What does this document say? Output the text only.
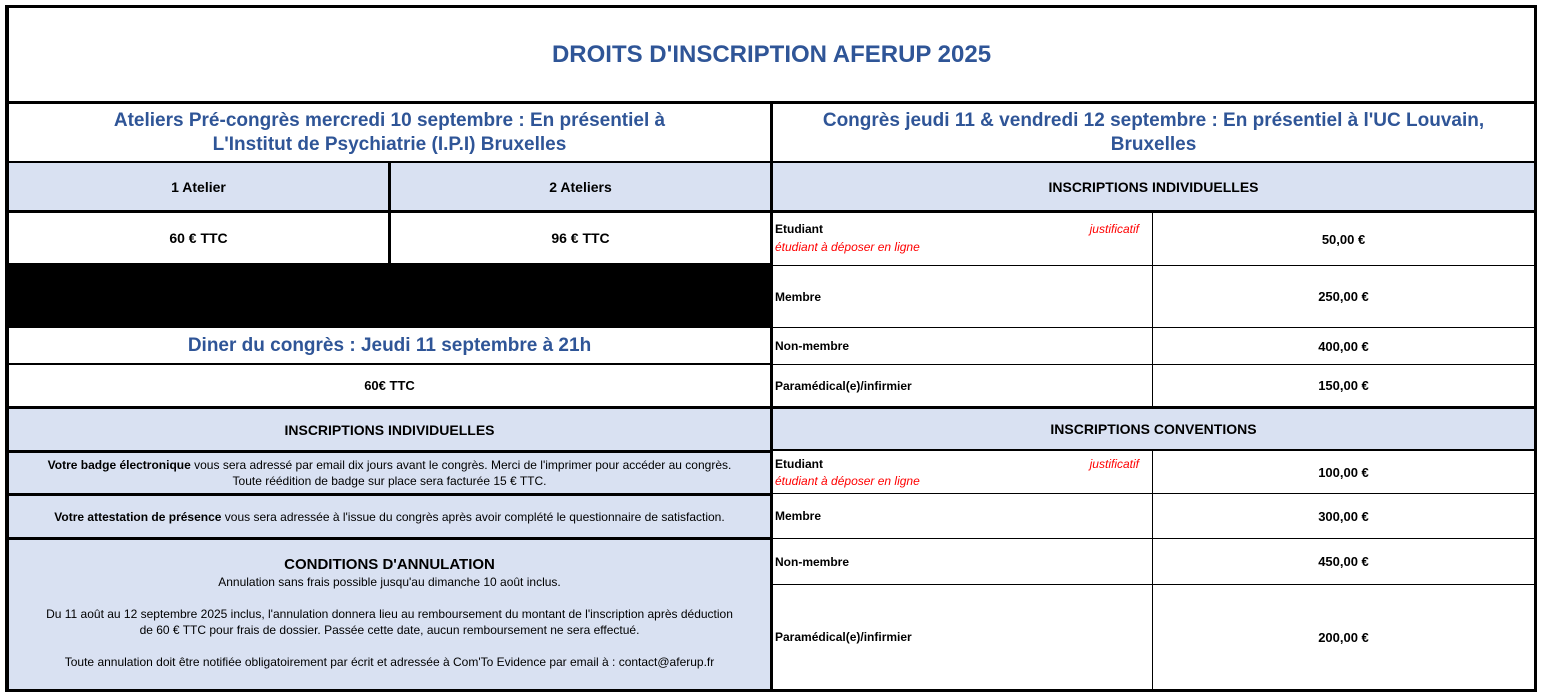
DROITS D'INSCRIPTION AFERUP 2025
Ateliers Pré-congrès mercredi 10 septembre : En présentiel à
L'Institut de Psychiatrie (I.P.I) Bruxelles
Congrès jeudi 11 & vendredi 12 septembre : En présentiel à l'UC Louvain,
Bruxelles
1 Atelier	2 Ateliers
60 € TTC	96 € TTC
INSCRIPTIONS INDIVIDUELLES
Etudiant	justificatif
étudiant à déposer en ligne
50,00 €
Membre	250,00 €
Non-membre	400,00 €
Paramédical(e)/infirmier	150,00 €
Diner du congrès : Jeudi 11 septembre à 21h
60€ TTC
INSCRIPTIONS INDIVIDUELLES
Votre badge électronique vous sera adressé par email dix jours avant le congrès. Merci de l'imprimer pour accéder au congrès.
Toute réédition de badge sur place sera facturée 15 € TTC.
Votre attestation de présence vous sera adressée à l'issue du congrès après avoir complété le questionnaire de satisfaction.
CONDITIONS D'ANNULATION
Annulation sans frais possible jusqu'au dimanche 10 août inclus.
Du 11 août au 12 septembre 2025 inclus, l'annulation donnera lieu au remboursement du montant de l'inscription après déduction
de 60 € TTC pour frais de dossier. Passée cette date, aucun remboursement ne sera effectué.
Toute annulation doit être notifiée obligatoirement par écrit et adressée à Com'To Evidence par email à : contact@aferup.fr
INSCRIPTIONS CONVENTIONS
Etudiant	justificatif
étudiant à déposer en ligne
100,00 €
Membre	300,00 €
Non-membre	450,00 €
Paramédical(e)/infirmier	200,00 €
